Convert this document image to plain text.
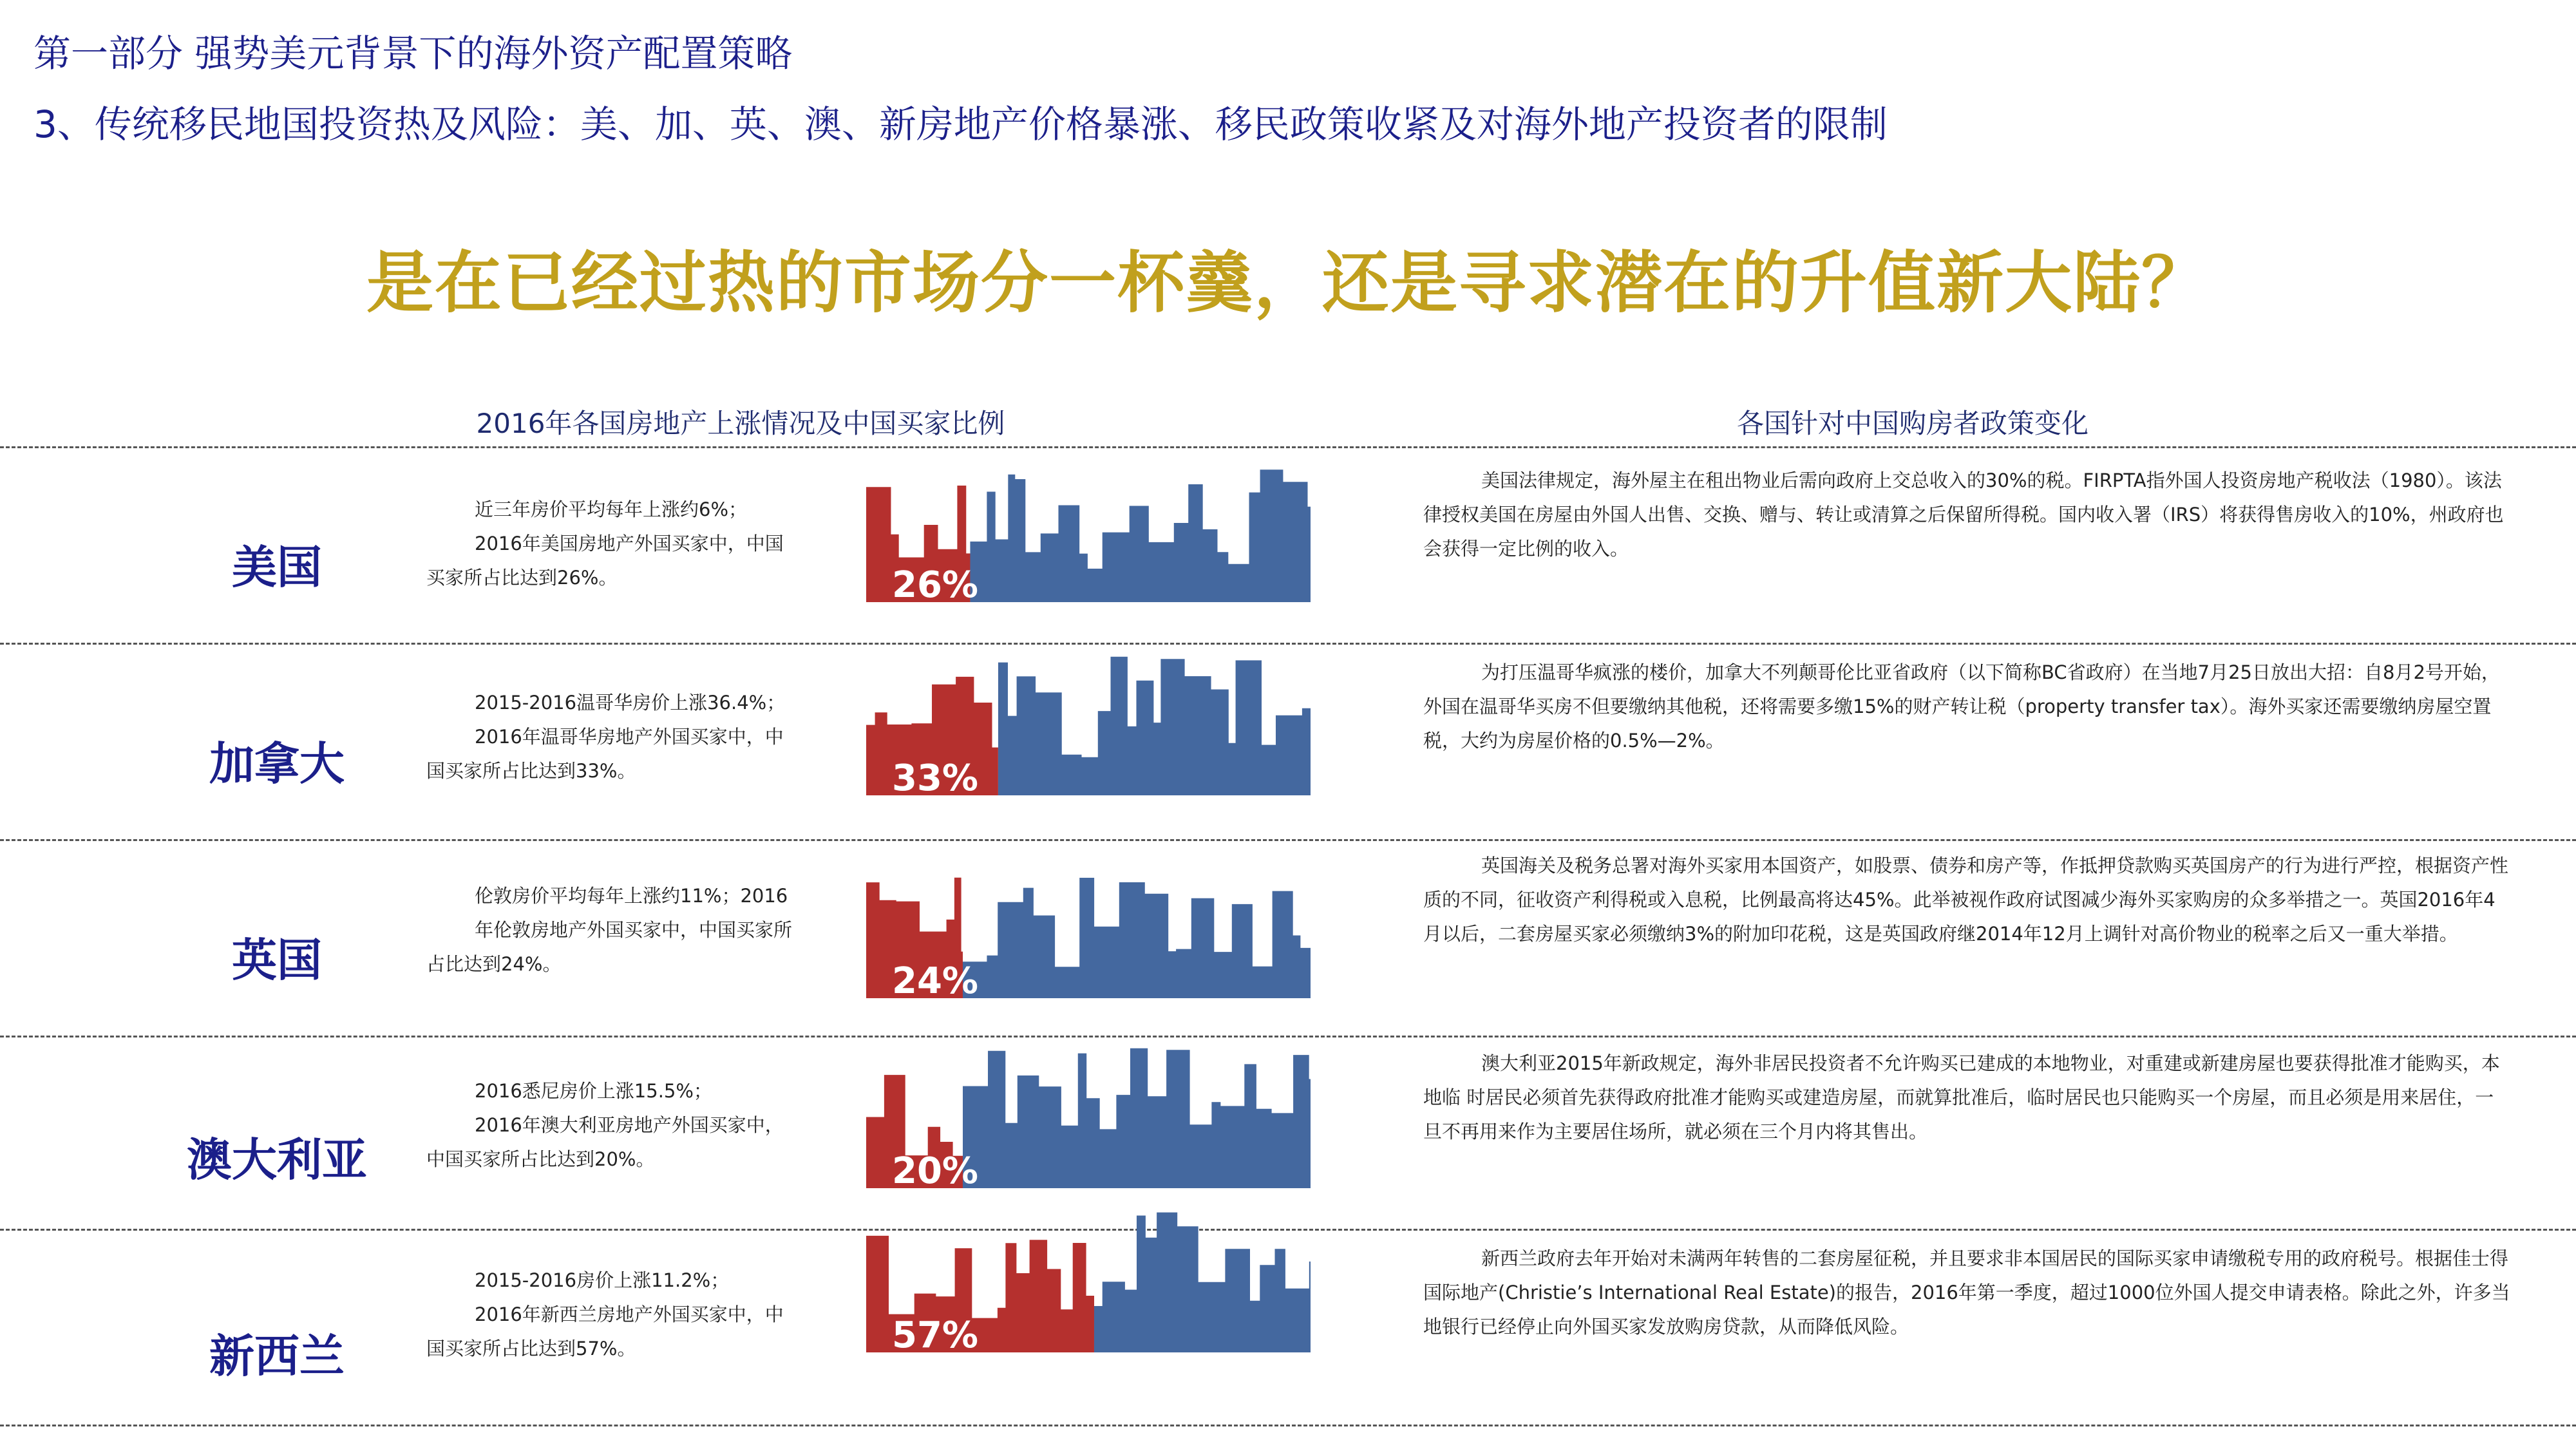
第一部分 强势美元背景下的海外资产配置策略
3、传统移民地国投资热及风险：美、加、英、澳、新房地产价格暴涨、移民政策收紧及对海外地产投资者的限制
是在已经过热的市场分一杯羹，还是寻求潜在的升值新大陆？
2016年各国房地产上涨情况及中国买家比例	各国针对中国购房者政策变化
美国
近三年房价平均每年上涨约6%；
2016年美国房地产外国买家中，中国买家所占比达到26%。	26%
美国法律规定，海外屋主在租出物业后需向政府上交总收入的30%的税。FIRPTA指外国人投资房地产税收法（1980）。该法律授权美国在房屋由外国人出售、交换、赠与、转让或清算之后保留所得税。国内收入署（IRS）将获得售房收入的10%，州政府也会获得一定比例的收入。
加拿大
2015-2016温哥华房价上涨36.4%；
2016年温哥华房地产外国买家中，中国买家所占比达到33%。	33%
为打压温哥华疯涨的楼价，加拿大不列颠哥伦比亚省政府（以下简称BC省政府）在当地7月25日放出大招：自8月2号开始，外国在温哥华买房不但要缴纳其他税，还将需要多缴15%的财产转让税（property transfer tax）。海外买家还需要缴纳房屋空置税，大约为房屋价格的0.5%—2%。
英国
伦敦房价平均每年上涨约11%；2016
年伦敦房地产外国买家中，中国买家所占比达到24%。	24%
英国海关及税务总署对海外买家用本国资产，如股票、债券和房产等，作抵押贷款购买英国房产的行为进行严控，根据资产性质的不同，征收资产利得税或入息税，比例最高将达45%。此举被视作政府试图减少海外买家购房的众多举措之一。英国2016年4月以后，二套房屋买家必须缴纳3%的附加印花税，这是英国政府继2014年12月上调针对高价物业的税率之后又一重大举措。
澳大利亚
2016悉尼房价上涨15.5%；
2016年澳大利亚房地产外国买家中，中国买家所占比达到20%。	20%
澳大利亚2015年新政规定，海外非居民投资者不允许购买已建成的本地物业，对重建或新建房屋也要获得批准才能购买，本地临 时居民必须首先获得政府批准才能购买或建造房屋，而就算批准后，临时居民也只能购买一个房屋，而且必须是用来居住，一旦不再用来作为主要居住场所，就必须在三个月内将其售出。
新西兰
2015-2016房价上涨11.2%；
2016年新西兰房地产外国买家中，中国买家所占比达到57%。	57%
新西兰政府去年开始对未满两年转售的二套房屋征税，并且要求非本国居民的国际买家申请缴税专用的政府税号。根据佳士得国际地产(Christie’s International Real Estate)的报告，2016年第一季度，超过1000位外国人提交申请表格。除此之外，许多当地银行已经停止向外国买家发放购房贷款，从而降低风险。
